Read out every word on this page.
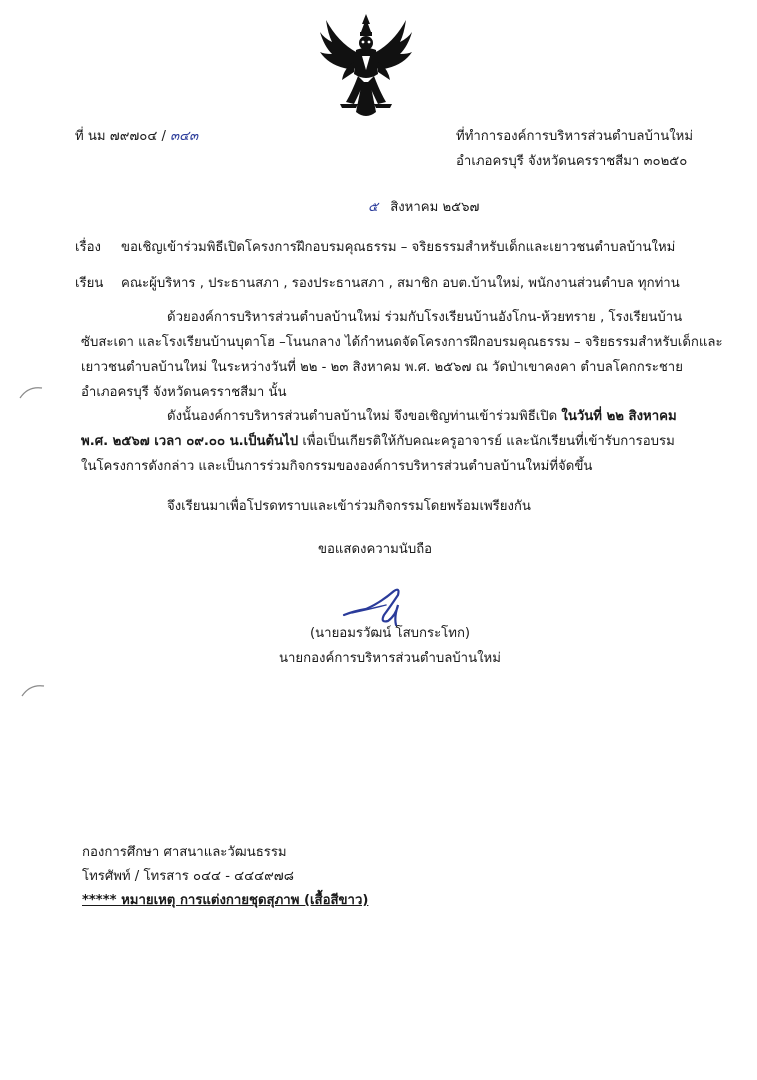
ที่ นม ๗๙๗๐๔ / ๓๔๓	ที่ทำการองค์การบริหารส่วนตำบลบ้านใหม่
อำเภอครบุรี จังหวัดนครราชสีมา ๓๐๒๕๐
๕ สิงหาคม ๒๕๖๗
เรื่อง ขอเชิญเข้าร่วมพิธีเปิดโครงการฝึกอบรมคุณธรรม – จริยธรรมสำหรับเด็กและเยาวชนตำบลบ้านใหม่
เรียน คณะผู้บริหาร , ประธานสภา , รองประธานสภา , สมาชิก อบต.บ้านใหม่, พนักงานส่วนตำบล ทุกท่าน
ด้วยองค์การบริหารส่วนตำบลบ้านใหม่ ร่วมกับโรงเรียนบ้านอังโกน-ห้วยทราย , โรงเรียนบ้าน
ซับสะเดา และโรงเรียนบ้านบุตาโฮ –โนนกลาง ได้กำหนดจัดโครงการฝึกอบรมคุณธรรม – จริยธรรมสำหรับเด็กและ
เยาวชนตำบลบ้านใหม่ ในระหว่างวันที่ ๒๒ - ๒๓ สิงหาคม พ.ศ. ๒๕๖๗ ณ วัดป่าเขาคงคา ตำบลโคกกระชาย
อำเภอครบุรี จังหวัดนครราชสีมา นั้น
ดังนั้นองค์การบริหารส่วนตำบลบ้านใหม่ จึงขอเชิญท่านเข้าร่วมพิธีเปิด ในวันที่ ๒๒ สิงหาคม
พ.ศ. ๒๕๖๗ เวลา ๐๙.๐๐ น.เป็นต้นไป เพื่อเป็นเกียรติให้กับคณะครูอาจารย์ และนักเรียนที่เข้ารับการอบรม
ในโครงการดังกล่าว และเป็นการร่วมกิจกรรมขององค์การบริหารส่วนตำบลบ้านใหม่ที่จัดขึ้น
จึงเรียนมาเพื่อโปรดทราบและเข้าร่วมกิจกรรมโดยพร้อมเพรียงกัน
ขอแสดงความนับถือ
(นายอมรวัฒน์ โสบกระโทก)
นายกองค์การบริหารส่วนตำบลบ้านใหม่
กองการศึกษา ศาสนาและวัฒนธรรม
โทรศัพท์ / โทรสาร ๐๔๔ - ๔๔๔๙๗๘
***** หมายเหตุ การแต่งกายชุดสุภาพ (เสื้อสีขาว)
